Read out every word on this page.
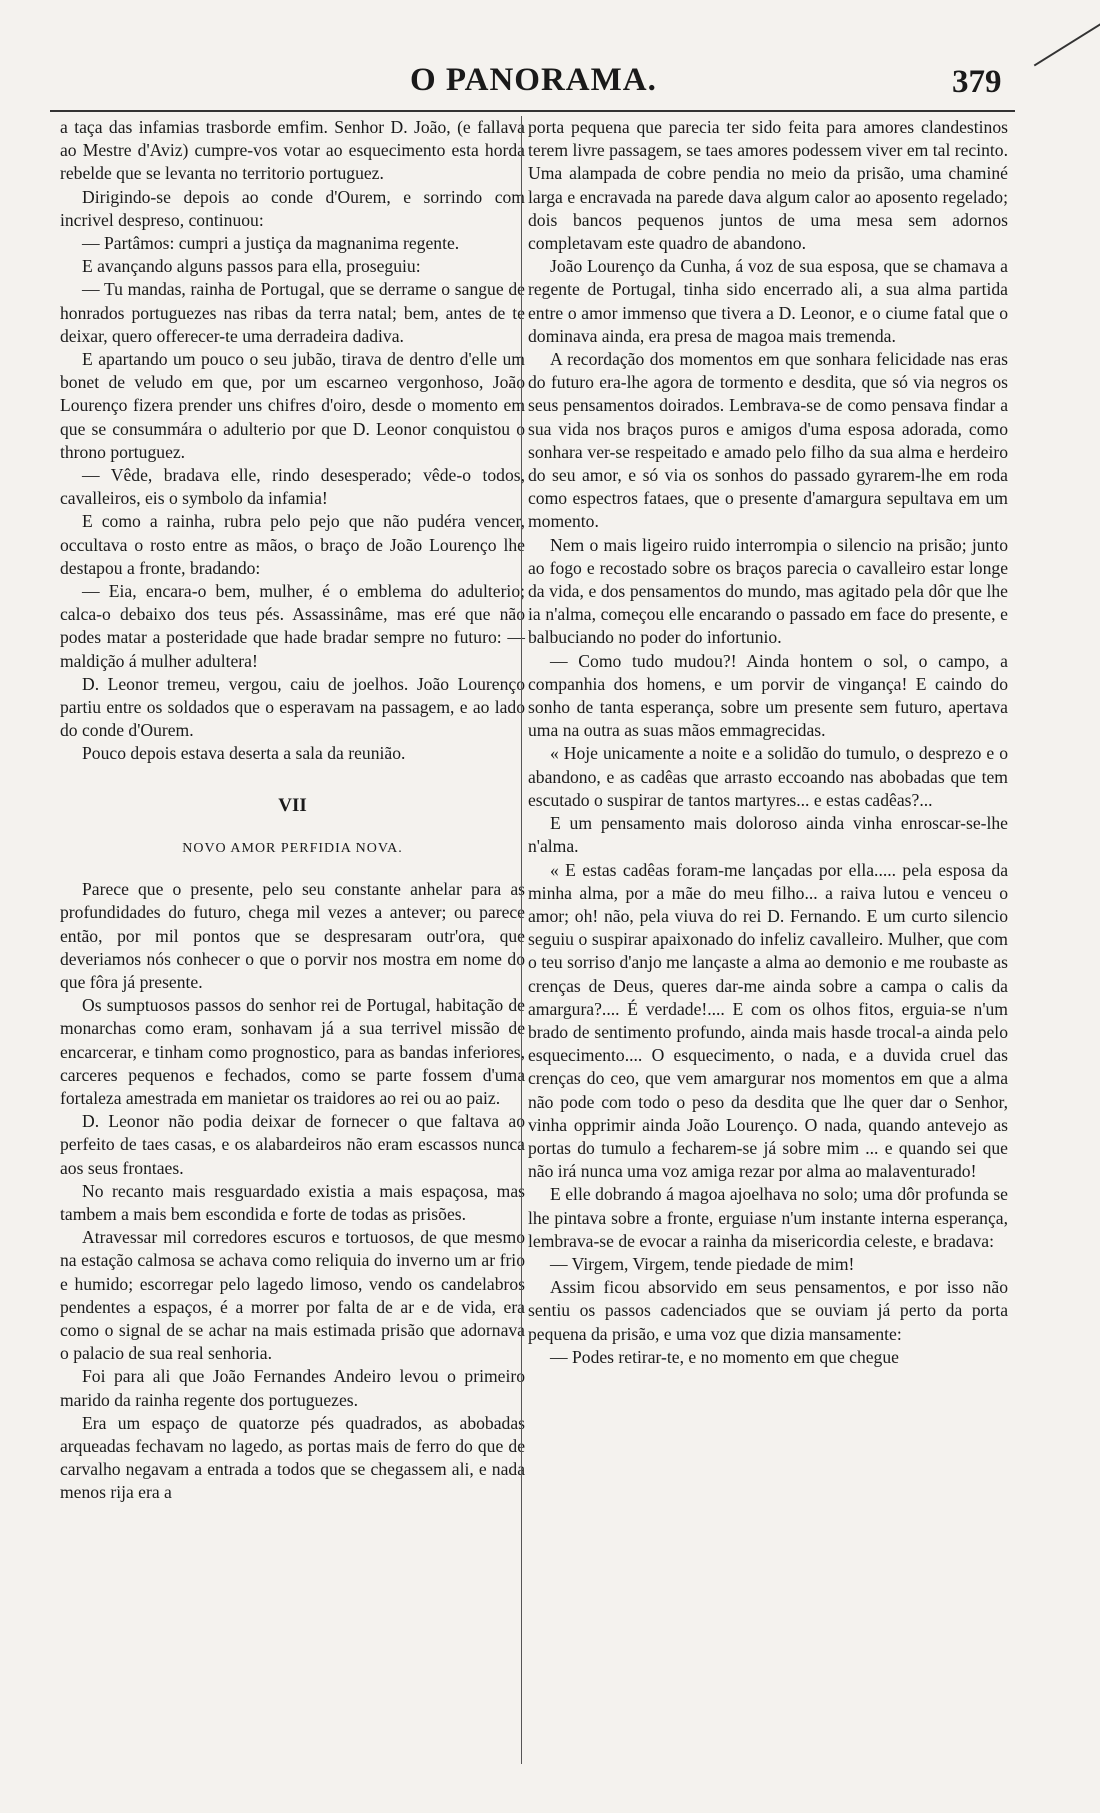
O PANORAMA.	379

a taça das infamias trasborde emfim. Senhor D. João, (e fallava ao Mestre d'Aviz) cumpre-vos votar ao esquecimento esta horda rebelde que se levanta no territorio portuguez.

Dirigindo-se depois ao conde d'Ourem, e sorrindo com incrivel despreso, continuou:

— Partâmos: cumpri a justiça da magnanima regente.

E avançando alguns passos para ella, proseguiu:

— Tu mandas, rainha de Portugal, que se derrame o sangue de honrados portuguezes nas ribas da terra natal; bem, antes de te deixar, quero offerecer-te uma derradeira dadiva.

E apartando um pouco o seu jubão, tirava de dentro d'elle um bonet de veludo em que, por um escarneo vergonhoso, João Lourenço fizera prender uns chifres d'oiro, desde o momento em que se consummára o adulterio por que D. Leonor conquistou o throno portuguez.

— Vêde, bradava elle, rindo desesperado; vêde-o todos, cavalleiros, eis o symbolo da infamia!

E como a rainha, rubra pelo pejo que não pudéra vencer, occultava o rosto entre as mãos, o braço de João Lourenço lhe destapou a fronte, bradando:

— Eia, encara-o bem, mulher, é o emblema do adulterio; calca-o debaixo dos teus pés. Assassinâme, mas eré que não podes matar a posteridade que hade bradar sempre no futuro: — maldição á mulher adultera!

D. Leonor tremeu, vergou, caiu de joelhos. João Lourenço partiu entre os soldados que o esperavam na passagem, e ao lado do conde d'Ourem.

Pouco depois estava deserta a sala da reunião.

VII

NOVO AMOR PERFIDIA NOVA.

Parece que o presente, pelo seu constante anhelar para as profundidades do futuro, chega mil vezes a antever; ou parece então, por mil pontos que se despresaram outr'ora, que deveriamos nós conhecer o que o porvir nos mostra em nome do que fôra já presente.

Os sumptuosos passos do senhor rei de Portugal, habitação de monarchas como eram, sonhavam já a sua terrivel missão de encarcerar, e tinham como prognostico, para as bandas inferiores, carceres pequenos e fechados, como se parte fossem d'uma fortaleza amestrada em manietar os traidores ao rei ou ao paiz.

D. Leonor não podia deixar de fornecer o que faltava ao perfeito de taes casas, e os alabardeiros não eram escassos nunca aos seus frontaes.

No recanto mais resguardado existia a mais espaçosa, mas tambem a mais bem escondida e forte de todas as prisões.

Atravessar mil corredores escuros e tortuosos, de que mesmo na estação calmosa se achava como reliquia do inverno um ar frio e humido; escorregar pelo lagedo limoso, vendo os candelabros pendentes a espaços, é a morrer por falta de ar e de vida, era como o signal de se achar na mais estimada prisão que adornava o palacio de sua real senhoria.

Foi para ali que João Fernandes Andeiro levou o primeiro marido da rainha regente dos portuguezes.

Era um espaço de quatorze pés quadrados, as abobadas arqueadas fechavam no lagedo, as portas mais de ferro do que de carvalho negavam a entrada a todos que se chegassem ali, e nada menos rija era a

porta pequena que parecia ter sido feita para amores clandestinos terem livre passagem, se taes amores podessem viver em tal recinto. Uma alampada de cobre pendia no meio da prisão, uma chaminé larga e encravada na parede dava algum calor ao aposento regelado; dois bancos pequenos juntos de uma mesa sem adornos completavam este quadro de abandono.

João Lourenço da Cunha, á voz de sua esposa, que se chamava a regente de Portugal, tinha sido encerrado ali, a sua alma partida entre o amor immenso que tivera a D. Leonor, e o ciume fatal que o dominava ainda, era presa de magoa mais tremenda.

A recordação dos momentos em que sonhara felicidade nas eras do futuro era-lhe agora de tormento e desdita, que só via negros os seus pensamentos doirados. Lembrava-se de como pensava findar a sua vida nos braços puros e amigos d'uma esposa adorada, como sonhara ver-se respeitado e amado pelo filho da sua alma e herdeiro do seu amor, e só via os sonhos do passado gyrarem-lhe em roda como espectros fataes, que o presente d'amargura sepultava em um momento.

Nem o mais ligeiro ruido interrompia o silencio na prisão; junto ao fogo e recostado sobre os braços parecia o cavalleiro estar longe da vida, e dos pensamentos do mundo, mas agitado pela dôr que lhe ia n'alma, começou elle encarando o passado em face do presente, e balbuciando no poder do infortunio.

— Como tudo mudou?! Ainda hontem o sol, o campo, a companhia dos homens, e um porvir de vingança! E caindo do sonho de tanta esperança, sobre um presente sem futuro, apertava uma na outra as suas mãos emmagrecidas.

« Hoje unicamente a noite e a solidão do tumulo, o desprezo e o abandono, e as cadêas que arrasto eccoando nas abobadas que tem escutado o suspirar de tantos martyres... e estas cadêas?...

E um pensamento mais doloroso ainda vinha enroscar-se-lhe n'alma.

« E estas cadêas foram-me lançadas por ella..... pela esposa da minha alma, por a mãe do meu filho... a raiva lutou e venceu o amor; oh! não, pela viuva do rei D. Fernando. E um curto silencio seguiu o suspirar apaixonado do infeliz cavalleiro. Mulher, que com o teu sorriso d'anjo me lançaste a alma ao demonio e me roubaste as crenças de Deus, queres dar-me ainda sobre a campa o calis da amargura?.... É verdade!.... E com os olhos fitos, erguia-se n'um brado de sentimento profundo, ainda mais hasde trocal-a ainda pelo esquecimento.... O esquecimento, o nada, e a duvida cruel das crenças do ceo, que vem amargurar nos momentos em que a alma não pode com todo o peso da desdita que lhe quer dar o Senhor, vinha opprimir ainda João Lourenço. O nada, quando antevejo as portas do tumulo a fecharem-se já sobre mim ... e quando sei que não irá nunca uma voz amiga rezar por alma ao malaventurado!

E elle dobrando á magoa ajoelhava no solo; uma dôr profunda se lhe pintava sobre a fronte, erguiase n'um instante interna esperança, lembrava-se de evocar a rainha da misericordia celeste, e bradava:

— Virgem, Virgem, tende piedade de mim!

Assim ficou absorvido em seus pensamentos, e por isso não sentiu os passos cadenciados que se ouviam já perto da porta pequena da prisão, e uma voz que dizia mansamente:

— Podes retirar-te, e no momento em que chegue
